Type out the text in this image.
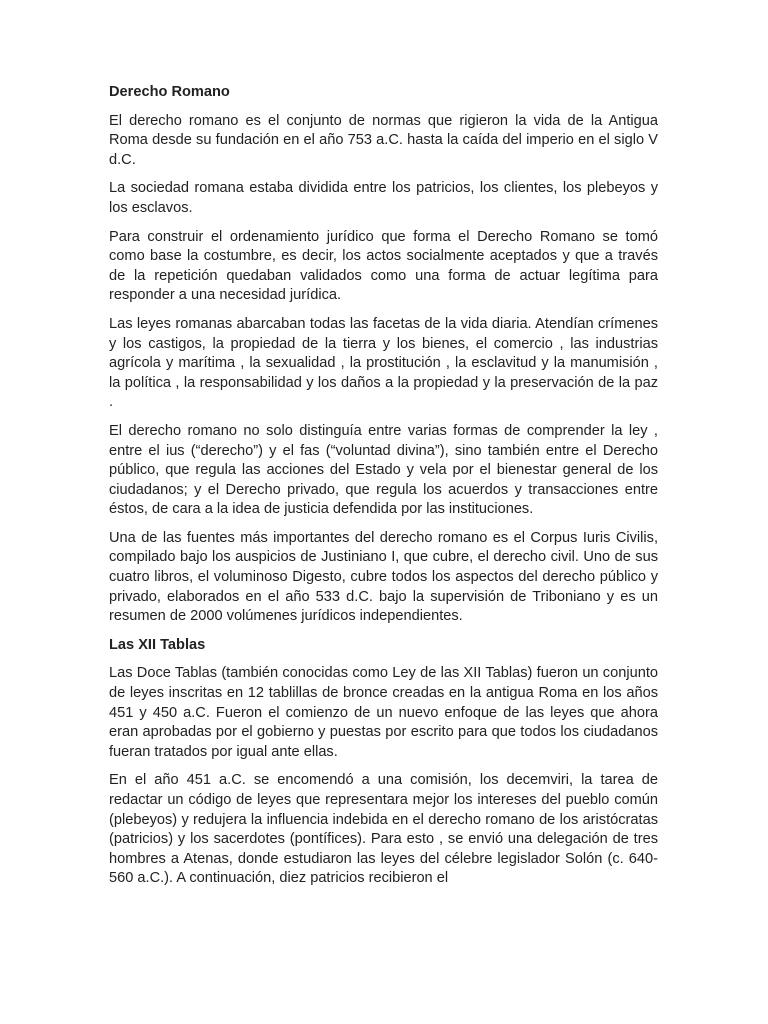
Derecho Romano

El derecho romano es el conjunto de normas que rigieron la vida de la Antigua Roma desde su fundación en el año 753 a.C. hasta la caída del imperio en el siglo V d.C.

La sociedad romana estaba dividida entre los patricios, los clientes, los plebeyos y los esclavos.

Para construir el ordenamiento jurídico que forma el Derecho Romano se tomó como base la costumbre, es decir, los actos socialmente aceptados y que a través de la repetición quedaban validados como una forma de actuar legítima para responder a una necesidad jurídica.

Las leyes romanas abarcaban todas las facetas de la vida diaria. Atendían crímenes y los castigos, la propiedad de la tierra y los bienes, el comercio , las industrias agrícola y marítima , la sexualidad , la prostitución , la esclavitud y la manumisión , la política , la responsabilidad y los daños a la propiedad y la preservación de la paz .

El derecho romano no solo distinguía entre varias formas de comprender la ley , entre el ius (“derecho”) y el fas (“voluntad divina”), sino también entre el Derecho público, que regula las acciones del Estado y vela por el bienestar general de los ciudadanos; y el Derecho privado, que regula los acuerdos y transacciones entre éstos, de cara a la idea de justicia defendida por las instituciones.

Una de las fuentes más importantes del derecho romano es el Corpus Iuris Civilis, compilado bajo los auspicios de Justiniano I, que cubre, el derecho civil. Uno de sus cuatro libros, el voluminoso Digesto, cubre todos los aspectos del derecho público y privado, elaborados en el año 533 d.C. bajo la supervisión de Triboniano y es un resumen de 2000 volúmenes jurídicos independientes.

Las XII Tablas

Las Doce Tablas (también conocidas como Ley de las XII Tablas) fueron un conjunto de leyes inscritas en 12 tablillas de bronce creadas en la antigua Roma en los años 451 y 450 a.C. Fueron el comienzo de un nuevo enfoque de las leyes que ahora eran aprobadas por el gobierno y puestas por escrito para que todos los ciudadanos fueran tratados por igual ante ellas.

En el año 451 a.C. se encomendó a una comisión, los decemviri, la tarea de redactar un código de leyes que representara mejor los intereses del pueblo común (plebeyos) y redujera la influencia indebida en el derecho romano de los aristócratas (patricios) y los sacerdotes (pontífices). Para esto , se envió una delegación de tres hombres a Atenas, donde estudiaron las leyes del célebre legislador Solón (c. 640-560 a.C.). A continuación, diez patricios recibieron el
